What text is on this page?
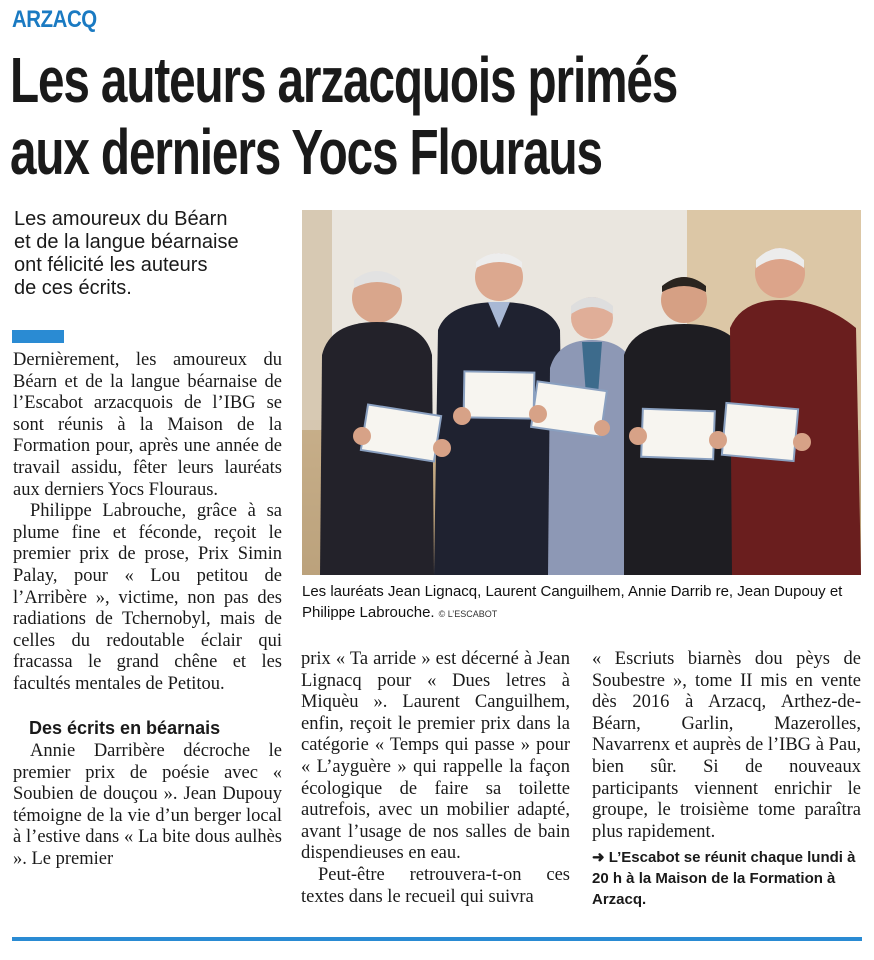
ARZACQ
Les auteurs arzacquois primés
aux derniers Yocs Flouraus
Les amoureux du Béarn
et de la langue béarnaise
ont félicité les auteurs
de ces écrits.
Les lauréats Jean Lignacq, Laurent Canguilhem, Annie Darrib re, Jean Dupouy et Philippe Labrouche. © L’ESCABOT

Dernièrement, les amoureux du Béarn et de la langue béarnaise de l’Escabot arzacquois de l’IBG se sont réunis à la Maison de la Formation pour, après une année de travail assidu, fêter leurs lauréats aux derniers Yocs Flouraus.

Philippe Labrouche, grâce à sa plume fine et féconde, reçoit le premier prix de prose, Prix Simin Palay, pour « Lou petitou de l’Arribère », victime, non pas des radiations de Tchernobyl, mais de celles du redoutable éclair qui fracassa le grand chêne et les facultés mentales de Petitou.

Des écrits en béarnais

Annie Darribère décroche le premier prix de poésie avec « Soubien de douçou ». Jean Dupouy témoigne de la vie d’un berger local à l’estive dans « La bite dous aulhès ». Le premier

prix « Ta arride » est décerné à Jean Lignacq pour « Dues letres à Miquèu ». Laurent Canguilhem, enfin, reçoit le premier prix dans la catégorie « Temps qui passe » pour « L’ayguère » qui rappelle la façon écologique de faire sa toilette autrefois, avec un mobilier adapté, avant l’usage de nos salles de bain dispendieuses en eau.

Peut-être retrouvera-t-on ces textes dans le recueil qui suivra

« Escriuts biarnès dou pèys de Soubestre », tome II mis en vente dès 2016 à Arzacq, Arthez-de-Béarn, Garlin, Mazerolles, Navarrenx et auprès de l’IBG à Pau, bien sûr. Si de nouveaux participants viennent enrichir le groupe, le troisième tome paraîtra plus rapidement.

➜ L’Escabot se réunit chaque lundi à 20 h à la Maison de la Formation à Arzacq.
